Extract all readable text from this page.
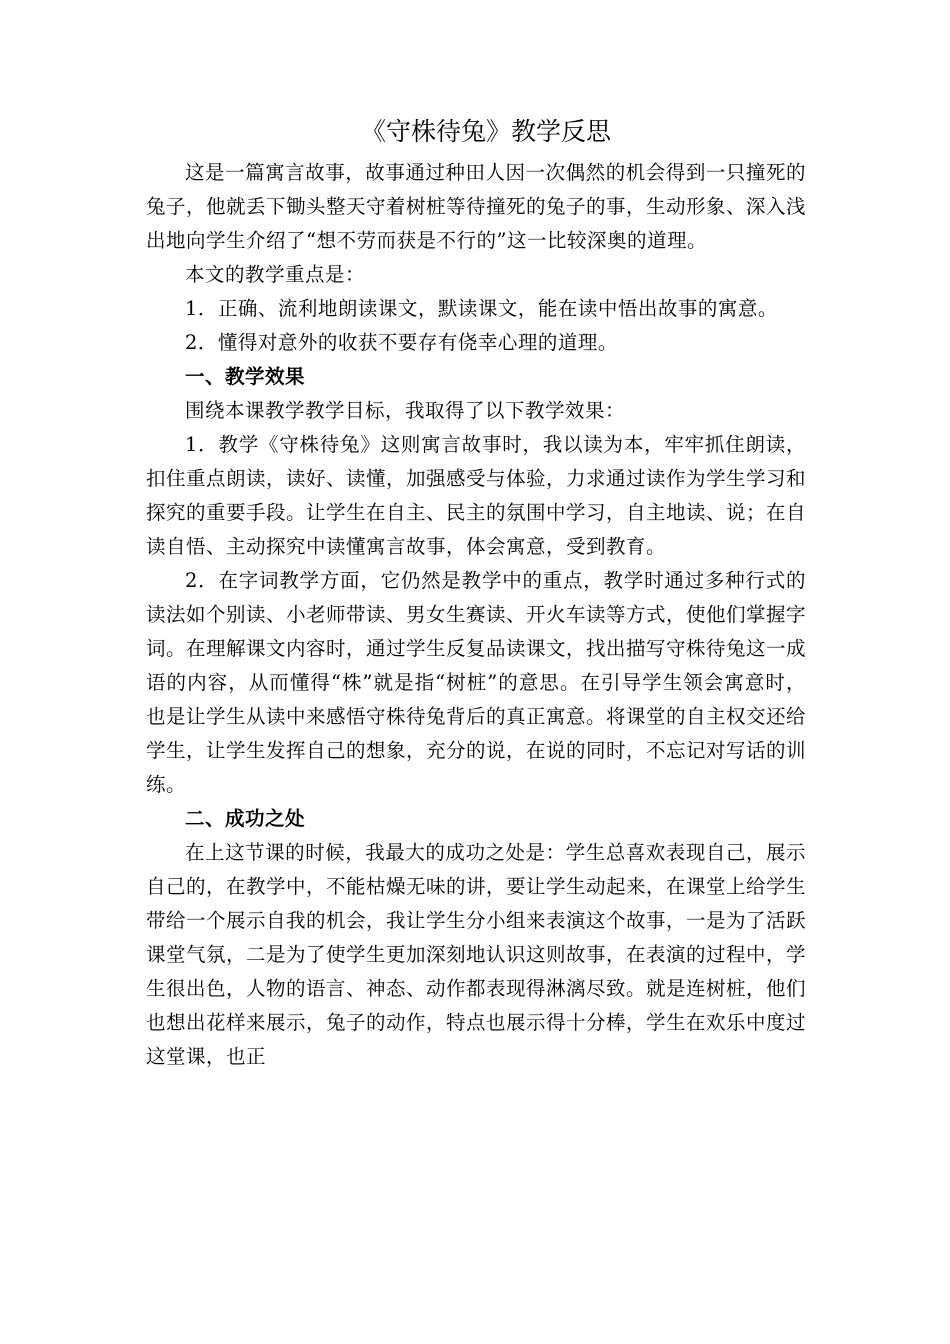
《守株待兔》教学反思

这是一篇寓言故事，故事通过种田人因一次偶然的机会得到一只撞死的兔子，他就丢下锄头整天守着树桩等待撞死的兔子的事，生动形象、深入浅出地向学生介绍了“想不劳而获是不行的”这一比较深奥的道理。

本文的教学重点是：

1．正确、流利地朗读课文，默读课文，能在读中悟出故事的寓意。

2．懂得对意外的收获不要存有侥幸心理的道理。

一、教学效果

围绕本课教学教学目标，我取得了以下教学效果：

1．教学《守株待兔》这则寓言故事时，我以读为本，牢牢抓住朗读，扣住重点朗读，读好、读懂，加强感受与体验，力求通过读作为学生学习和探究的重要手段。让学生在自主、民主的氛围中学习，自主地读、说；在自读自悟、主动探究中读懂寓言故事，体会寓意，受到教育。

2．在字词教学方面，它仍然是教学中的重点，教学时通过多种行式的读法如个别读、小老师带读、男女生赛读、开火车读等方式，使他们掌握字词。在理解课文内容时，通过学生反复品读课文，找出描写守株待兔这一成语的内容，从而懂得“株”就是指“树桩”的意思。在引导学生领会寓意时，也是让学生从读中来感悟守株待兔背后的真正寓意。将课堂的自主权交还给学生，让学生发挥自己的想象，充分的说，在说的同时，不忘记对写话的训练。

二、成功之处

在上这节课的时候，我最大的成功之处是：学生总喜欢表现自己，展示自己的，在教学中，不能枯燥无味的讲，要让学生动起来，在课堂上给学生带给一个展示自我的机会，我让学生分小组来表演这个故事，一是为了活跃课堂气氛，二是为了使学生更加深刻地认识这则故事，在表演的过程中，学生很出色，人物的语言、神态、动作都表现得淋漓尽致。就是连树桩，他们也想出花样来展示，兔子的动作，特点也展示得十分棒，学生在欢乐中度过这堂课，也正
